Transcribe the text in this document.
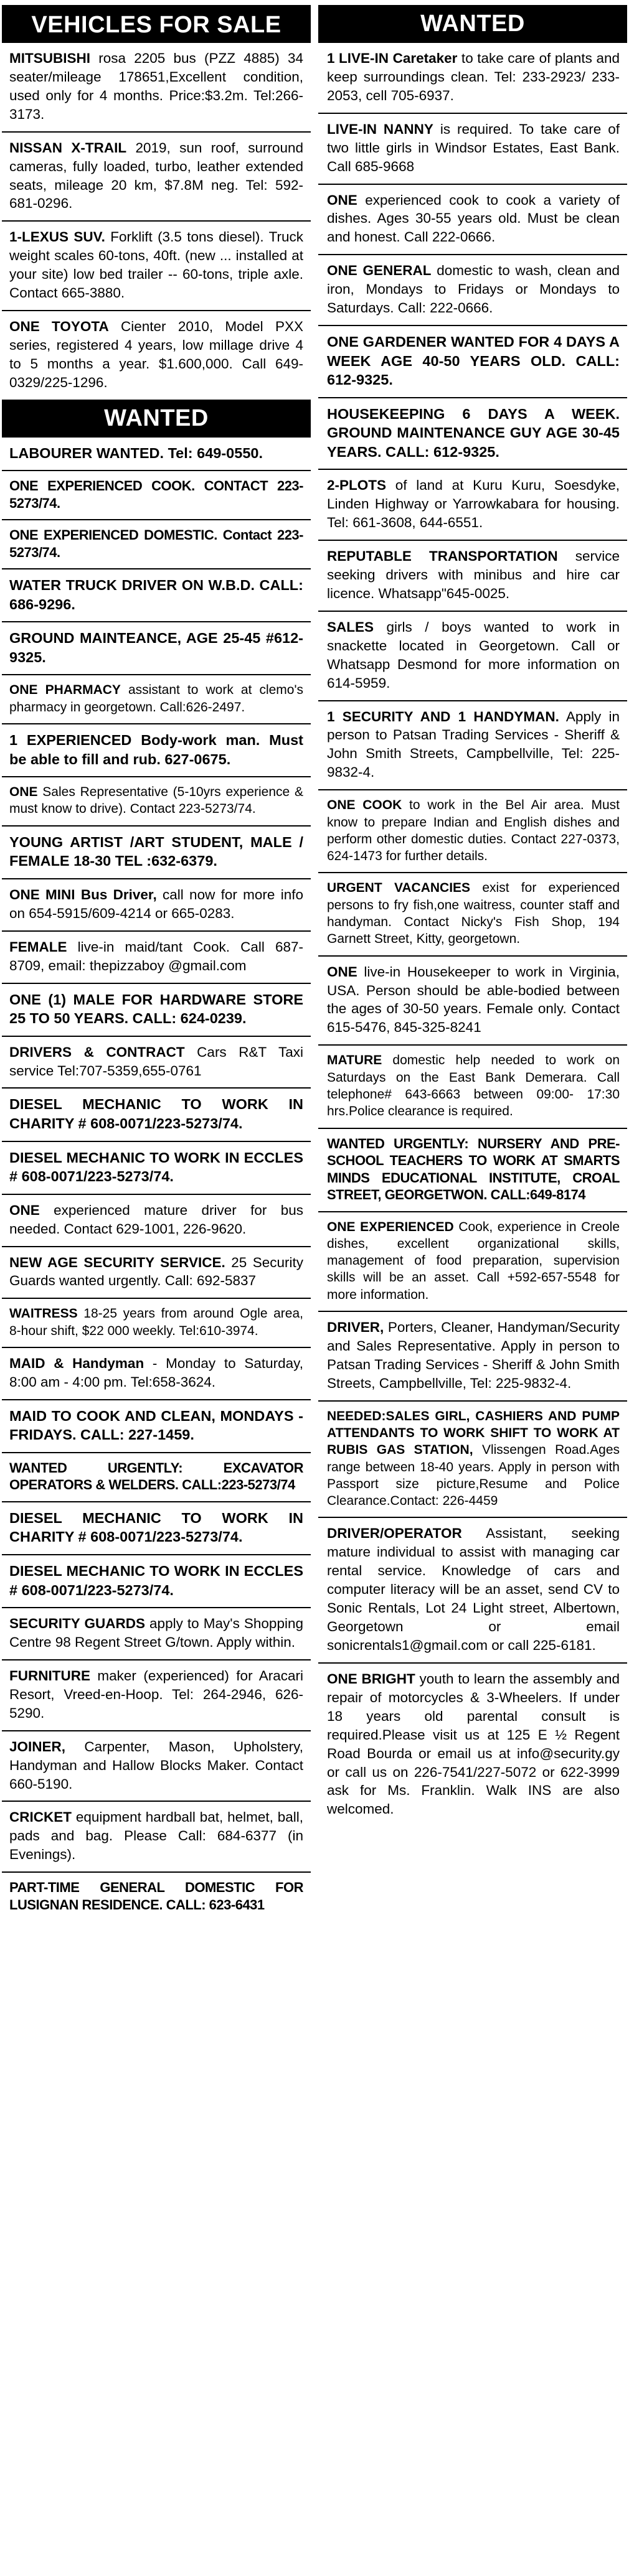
VEHICLES FOR SALE
MITSUBISHI rosa 2205 bus (PZZ 4885) 34 seater/mileage 178651,Excellent condition, used only for 4 months. Price:$3.2m. Tel:266-3173.
NISSAN X-TRAIL 2019, sun roof, surround cameras, fully loaded, turbo, leather extended seats, mileage 20 km, $7.8M neg. Tel: 592-681-0296.
1-LEXUS SUV. Forklift (3.5 tons diesel). Truck weight scales 60-tons, 40ft. (new ... installed at your site) low bed trailer -- 60-tons, triple axle. Contact 665-3880.
ONE TOYOTA Cienter 2010, Model PXX series, registered 4 years, low millage drive 4 to 5 months a year. $1.600,000. Call 649-0329/225-1296.
WANTED
LABOURER WANTED. Tel: 649-0550.
ONE EXPERIENCED COOK. CONTACT 223-5273/74.
ONE EXPERIENCED DOMESTIC. Contact 223-5273/74.
WATER TRUCK DRIVER ON W.B.D. CALL: 686-9296.
GROUND MAINTEANCE, AGE 25-45 #612-9325.
ONE PHARMACY assistant to work at clemo's pharmacy in georgetown. Call:626-2497.
1 EXPERIENCED Body-work man. Must be able to fill and rub. 627-0675.
ONE Sales Representative (5-10yrs experience & must know to drive). Contact 223-5273/74.
YOUNG ARTIST /ART STUDENT, MALE / FEMALE 18-30 TEL :632-6379.
ONE MINI Bus Driver, call now for more info on 654-5915/609-4214 or 665-0283.
FEMALE live-in maid/tant Cook. Call 687-8709, email: thepizzaboy @gmail.com
ONE (1) MALE FOR HARDWARE STORE 25 TO 50 YEARS. CALL: 624-0239.
DRIVERS & CONTRACT Cars R&T Taxi service Tel:707-5359,655-0761
DIESEL MECHANIC TO WORK IN CHARITY # 608-0071/223-5273/74.
DIESEL MECHANIC TO WORK IN ECCLES # 608-0071/223-5273/74.
ONE experienced mature driver for bus needed. Contact 629-1001, 226-9620.
NEW AGE SECURITY SERVICE. 25 Security Guards wanted urgently. Call: 692-5837
WAITRESS 18-25 years from around Ogle area, 8-hour shift, $22 000 weekly. Tel:610-3974.
MAID & Handyman - Monday to Saturday, 8:00 am - 4:00 pm. Tel:658-3624.
MAID TO COOK AND CLEAN, MONDAYS - FRIDAYS. CALL: 227-1459.
WANTED URGENTLY: EXCAVATOR OPERATORS & WELDERS. CALL:223-5273/74
DIESEL MECHANIC TO WORK IN CHARITY # 608-0071/223-5273/74.
DIESEL MECHANIC TO WORK IN ECCLES # 608-0071/223-5273/74.
SECURITY GUARDS apply to May's Shopping Centre 98 Regent Street G/town. Apply within.
FURNITURE maker (experienced) for Aracari Resort, Vreed-en-Hoop. Tel: 264-2946, 626-5290.
JOINER, Carpenter, Mason, Upholstery, Handyman and Hallow Blocks Maker. Contact 660-5190.
CRICKET equipment hardball bat, helmet, ball, pads and bag. Please Call: 684-6377 (in Evenings).
PART-TIME GENERAL DOMESTIC FOR LUSIGNAN RESIDENCE. CALL: 623-6431
WANTED
1 LIVE-IN Caretaker to take care of plants and keep surroundings clean. Tel: 233-2923/ 233-2053, cell 705-6937.
LIVE-IN NANNY is required. To take care of two little girls in Windsor Estates, East Bank. Call 685-9668
ONE experienced cook to cook a variety of dishes. Ages 30-55 years old. Must be clean and honest. Call 222-0666.
ONE GENERAL domestic to wash, clean and iron, Mondays to Fridays or Mondays to Saturdays. Call: 222-0666.
ONE GARDENER WANTED FOR 4 DAYS A WEEK AGE 40-50 YEARS OLD. CALL: 612-9325.
HOUSEKEEPING 6 DAYS A WEEK. GROUND MAINTENANCE GUY AGE 30-45 YEARS. CALL: 612-9325.
2-PLOTS of land at Kuru Kuru, Soesdyke, Linden Highway or Yarrowkabara for housing. Tel: 661-3608, 644-6551.
REPUTABLE TRANSPORTATION service seeking drivers with minibus and hire car licence. Whatsapp"645-0025.
SALES girls / boys wanted to work in snackette located in Georgetown. Call or Whatsapp Desmond for more information on 614-5959.
1 SECURITY AND 1 HANDYMAN. Apply in person to Patsan Trading Services - Sheriff & John Smith Streets, Campbellville, Tel: 225-9832-4.
ONE COOK to work in the Bel Air area. Must know to prepare Indian and English dishes and perform other domestic duties. Contact 227-0373, 624-1473 for further details.
URGENT VACANCIES exist for experienced persons to fry fish,one waitress, counter staff and handyman. Contact Nicky's Fish Shop, 194 Garnett Street, Kitty, georgetown.
ONE live-in Housekeeper to work in Virginia, USA. Person should be able-bodied between the ages of 30-50 years. Female only. Contact 615-5476, 845-325-8241
MATURE domestic help needed to work on Saturdays on the East Bank Demerara. Call telephone# 643-6663 between 09:00- 17:30 hrs.Police clearance is required.
WANTED URGENTLY: NURSERY AND PRE-SCHOOL TEACHERS TO WORK AT SMARTS MINDS EDUCATIONAL INSTITUTE, CROAL STREET, GEORGETWON. CALL:649-8174
ONE EXPERIENCED Cook, experience in Creole dishes, excellent organizational skills, management of food preparation, supervision skills will be an asset. Call +592-657-5548 for more information.
DRIVER, Porters, Cleaner, Handyman/Security and Sales Representative. Apply in person to Patsan Trading Services - Sheriff & John Smith Streets, Campbellville, Tel: 225-9832-4.
NEEDED:SALES GIRL, CASHIERS AND PUMP ATTENDANTS TO WORK SHIFT TO WORK AT RUBIS GAS STATION, Vlissengen Road.Ages range between 18-40 years. Apply in person with Passport size picture,Resume and Police Clearance.Contact: 226-4459
DRIVER/OPERATOR Assistant, seeking mature individual to assist with managing car rental service. Knowledge of cars and computer literacy will be an asset, send CV to Sonic Rentals, Lot 24 Light street, Albertown, Georgetown or email sonicrentals1@gmail.com or call 225-6181.
ONE BRIGHT youth to learn the assembly and repair of motorcycles & 3-Wheelers. If under 18 years old parental consult is required.Please visit us at 125 E ½ Regent Road Bourda or email us at info@security.gy or call us on 226-7541/227-5072 or 622-3999 ask for Ms. Franklin. Walk INS are also welcomed.
